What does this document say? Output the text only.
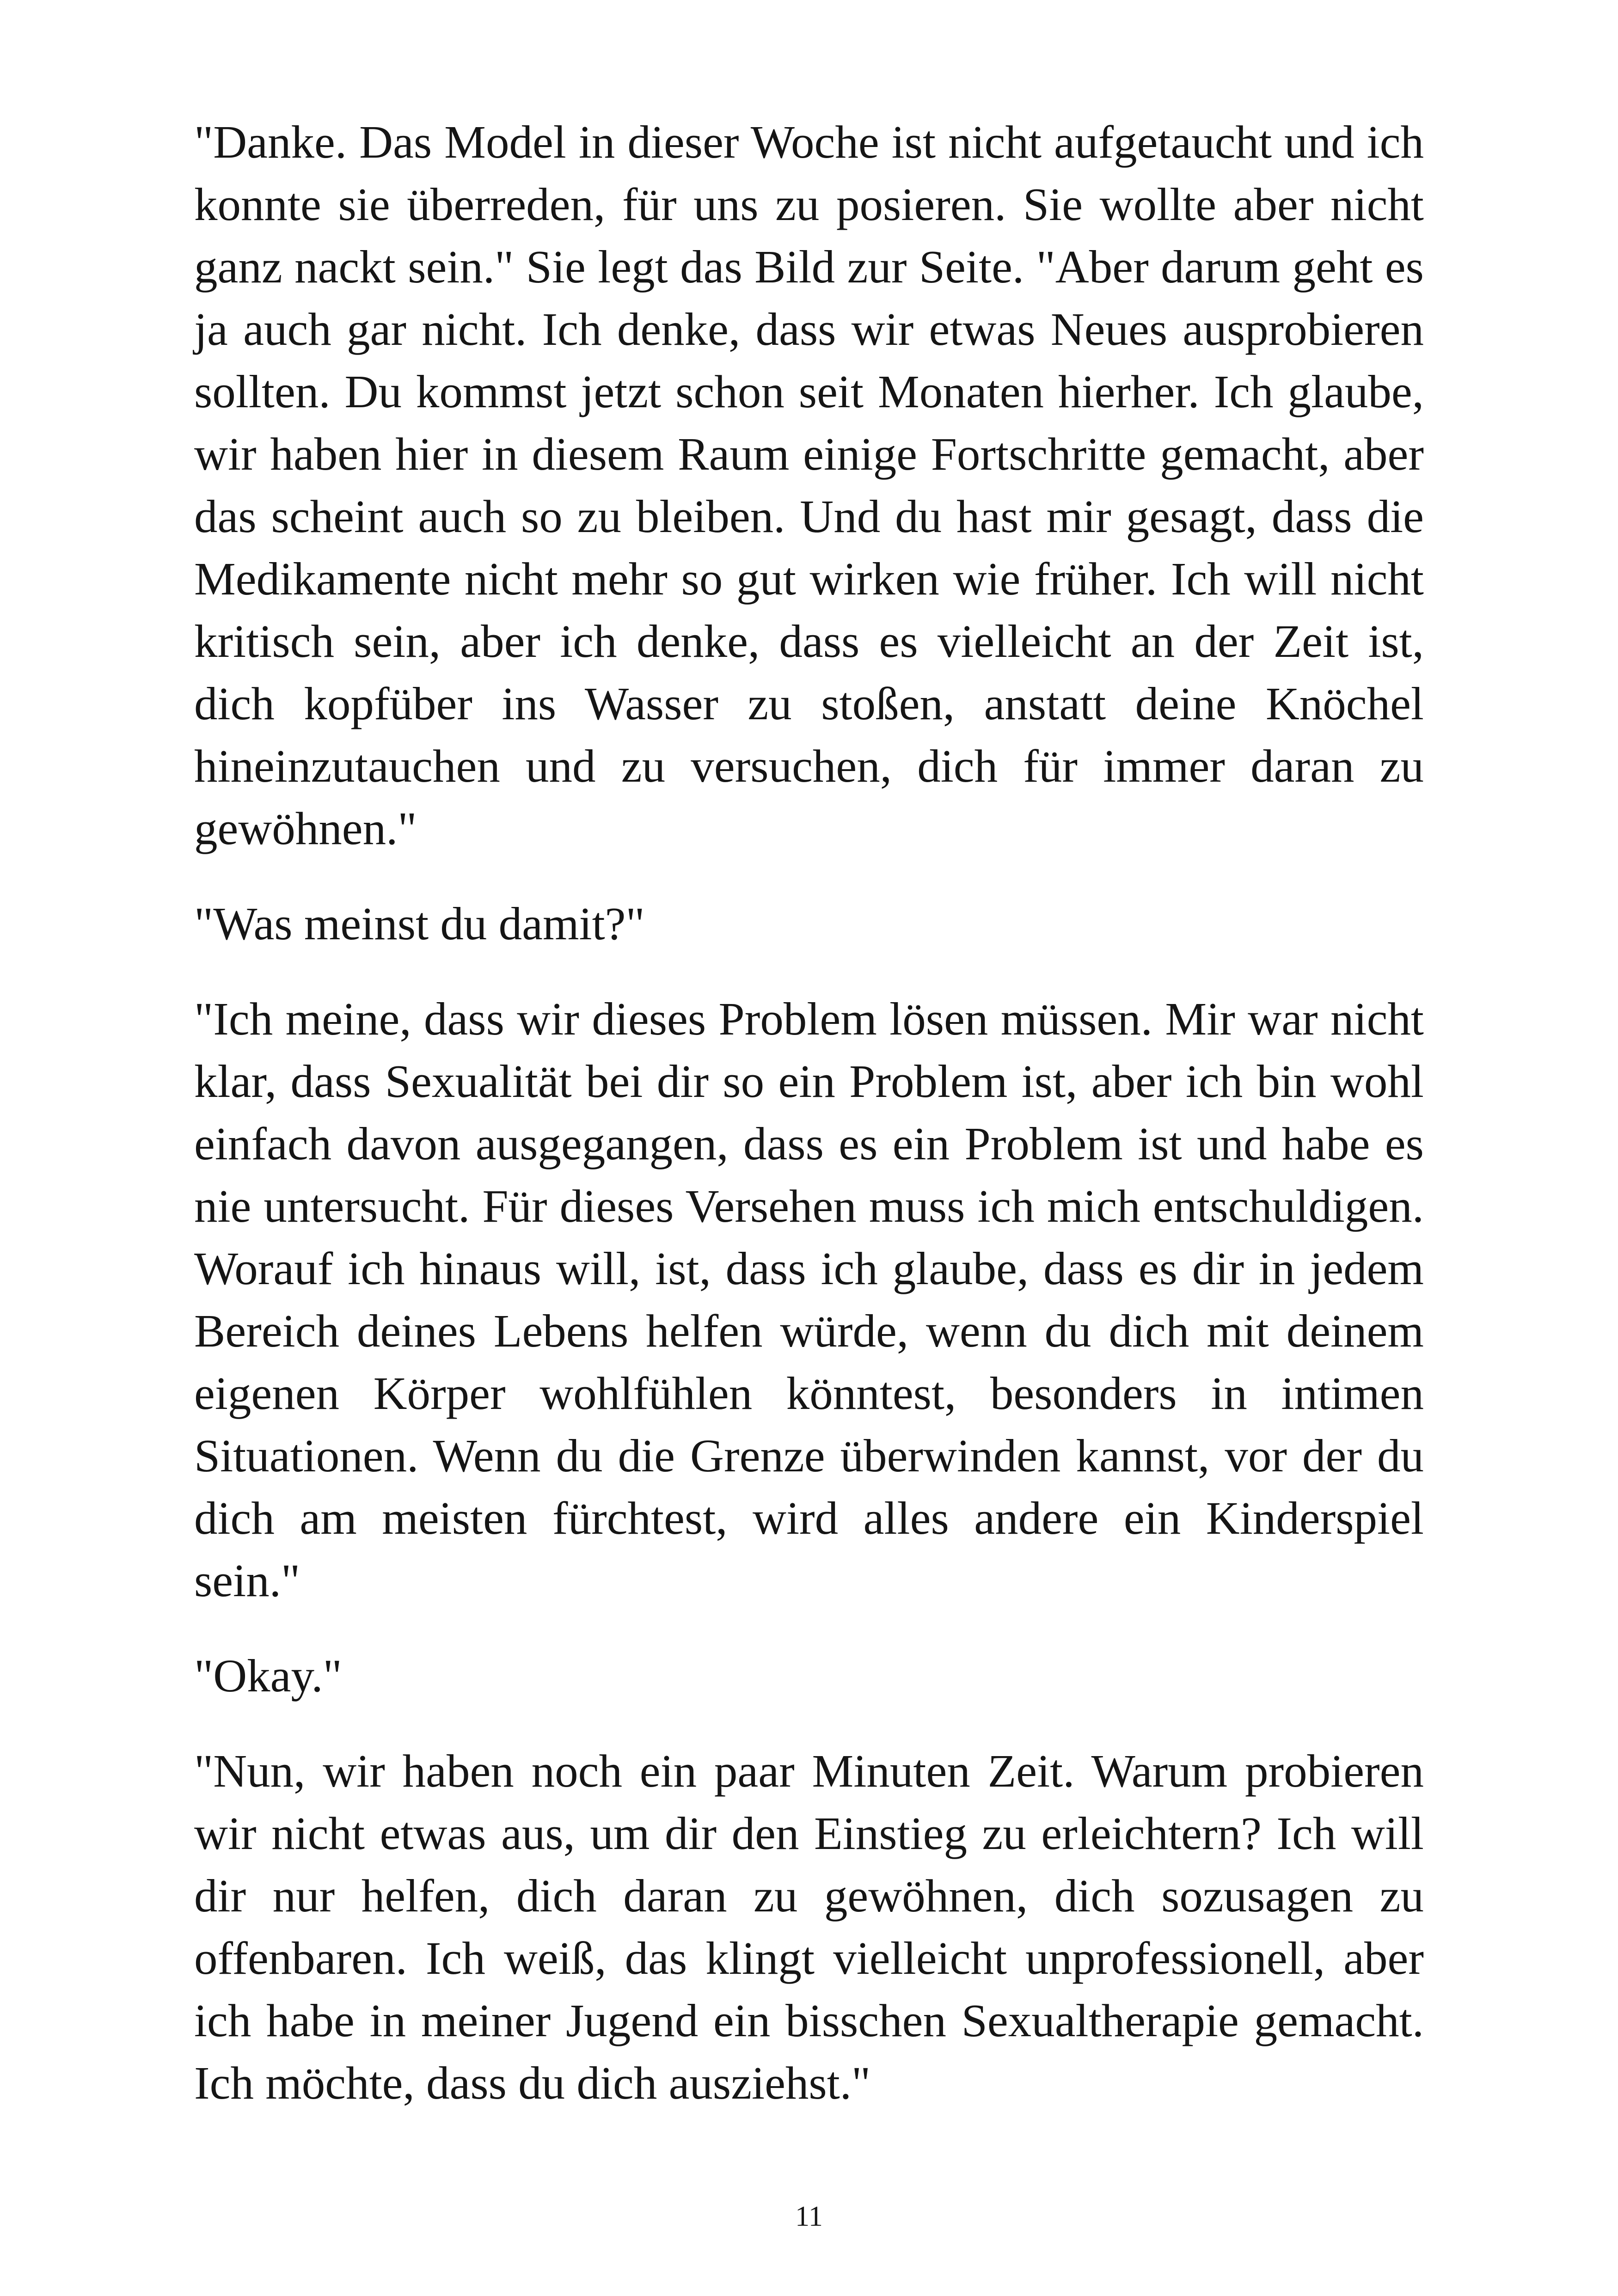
"Danke. Das Model in dieser Woche ist nicht aufgetaucht und ich konnte sie überreden, für uns zu posieren. Sie wollte aber nicht ganz nackt sein." Sie legt das Bild zur Seite. "Aber darum geht es ja auch gar nicht. Ich denke, dass wir etwas Neues ausprobieren sollten. Du kommst jetzt schon seit Monaten hierher. Ich glaube, wir haben hier in diesem Raum einige Fortschritte gemacht, aber das scheint auch so zu bleiben. Und du hast mir gesagt, dass die Medikamente nicht mehr so gut wirken wie früher. Ich will nicht kritisch sein, aber ich denke, dass es vielleicht an der Zeit ist, dich kopfüber ins Wasser zu stoßen, anstatt deine Knöchel hineinzutauchen und zu versuchen, dich für immer daran zu gewöhnen."

"Was meinst du damit?"

"Ich meine, dass wir dieses Problem lösen müssen. Mir war nicht klar, dass Sexualität bei dir so ein Problem ist, aber ich bin wohl einfach davon ausgegangen, dass es ein Problem ist und habe es nie untersucht. Für dieses Versehen muss ich mich entschuldigen. Worauf ich hinaus will, ist, dass ich glaube, dass es dir in jedem Bereich deines Lebens helfen würde, wenn du dich mit deinem eigenen Körper wohlfühlen könntest, besonders in intimen Situationen. Wenn du die Grenze überwinden kannst, vor der du dich am meisten fürchtest, wird alles andere ein Kinderspiel sein."

"Okay."

"Nun, wir haben noch ein paar Minuten Zeit. Warum probieren wir nicht etwas aus, um dir den Einstieg zu erleichtern? Ich will dir nur helfen, dich daran zu gewöhnen, dich sozusagen zu offenbaren. Ich weiß, das klingt vielleicht unprofessionell, aber ich habe in meiner Jugend ein bisschen Sexualtherapie gemacht. Ich möchte, dass du dich ausziehst."

11
